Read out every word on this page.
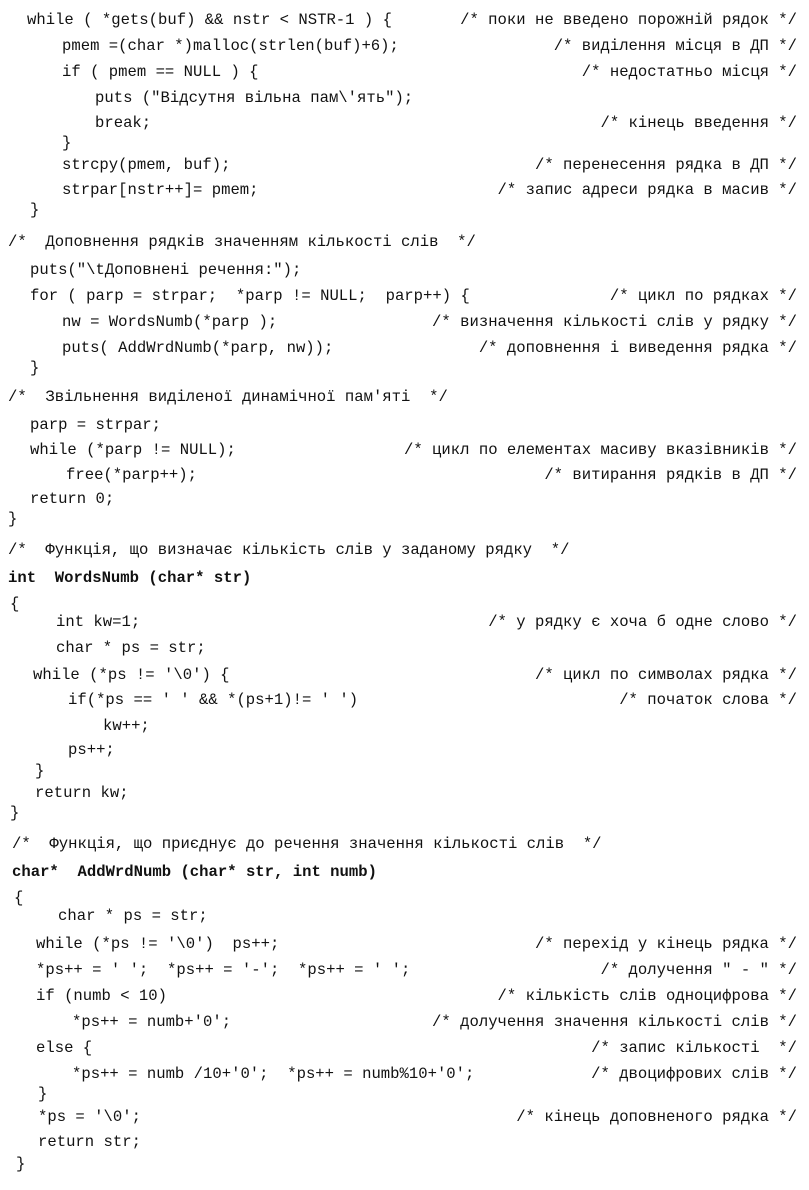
while ( *gets(buf) && nstr < NSTR-1 ) {	/* поки не введено порожній рядок */
pmem =(char *)malloc(strlen(buf)+6);	/* виділення місця в ДП */
if ( pmem == NULL ) {	/* недостатньо місця */
puts ("Відсутня вільна пам\'ять");
break;	/* кінець введення */
}
strcpy(pmem, buf);	/* перенесення рядка в ДП */
strpar[nstr++]= pmem;	/* запис адреси рядка в масив */
}
/*  Доповнення рядків значенням кількості слів  */
puts("\tДоповнені речення:");
for ( parp = strpar;  *parp != NULL;  parp++) {	/* цикл по рядках */
nw = WordsNumb(*parp );	/* визначення кількості слів у рядку */
puts( AddWrdNumb(*parp, nw));	/* доповнення і виведення рядка */
}
/*  Звільнення виділеної динамічної пам'яті  */
parp = strpar;
while (*parp != NULL);	/* цикл по елементах масиву вказівників */
free(*parp++);	/* витирання рядків в ДП */
return 0;
}
/*  Функція, що визначає кількість слів у заданому рядку  */
int  WordsNumb (char* str)
{
int kw=1;	/* у рядку є хоча б одне слово */
char * ps = str;
while (*ps != '\0') {	/* цикл по символах рядка */
if(*ps == ' ' && *(ps+1)!= ' ')	/* початок слова */
kw++;
ps++;
}
return kw;
}
/*  Функція, що приєднує до речення значення кількості слів  */
char*  AddWrdNumb (char* str, int numb)
{
char * ps = str;
while (*ps != '\0')  ps++;	/* перехід у кінець рядка */
*ps++ = ' ';  *ps++ = '-';  *ps++ = ' ';	/* долучення " - " */
if (numb < 10)	/* кількість слів одноцифрова */
*ps++ = numb+'0';	/* долучення значення кількості слів */
else {	/* запис кількості  */
*ps++ = numb /10+'0';  *ps++ = numb%10+'0';	/* двоцифрових слів */
}
*ps = '\0';	/* кінець доповненого рядка */
return str;
}
